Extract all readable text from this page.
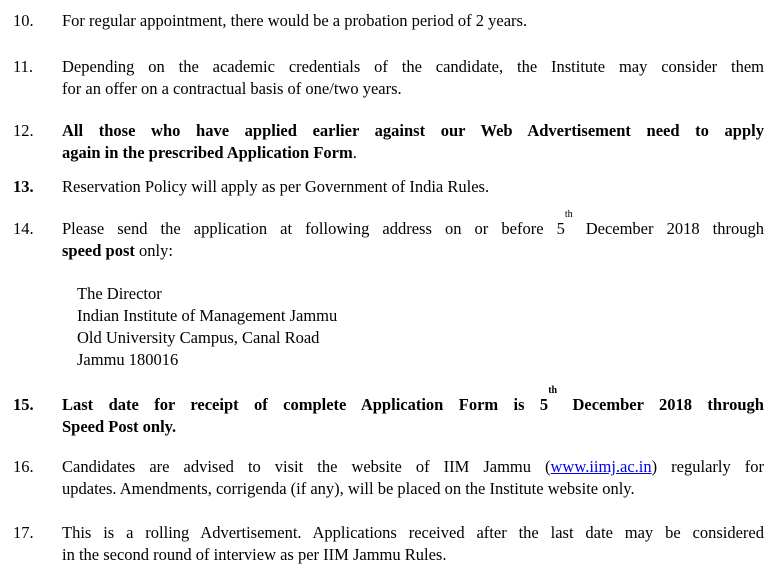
10. For regular appointment, there would be a probation period of 2 years.
11. Depending on the academic credentials of the candidate, the Institute may consider them
for an offer on a contractual basis of one/two years.
12. All those who have applied earlier against our Web Advertisement need to apply
again in the prescribed Application Form.
13. Reservation Policy will apply as per Government of India Rules.
14. Please send the application at following address on or before 5th December 2018 through
speed post only:
The Director
Indian Institute of Management Jammu
Old University Campus, Canal Road
Jammu 180016
15. Last date for receipt of complete Application Form is 5th December 2018 through
Speed Post only.
16. Candidates are advised to visit the website of IIM Jammu (www.iimj.ac.in) regularly for
updates. Amendments, corrigenda (if any), will be placed on the Institute website only.
17. This is a rolling Advertisement. Applications received after the last date may be considered
in the second round of interview as per IIM Jammu Rules.
